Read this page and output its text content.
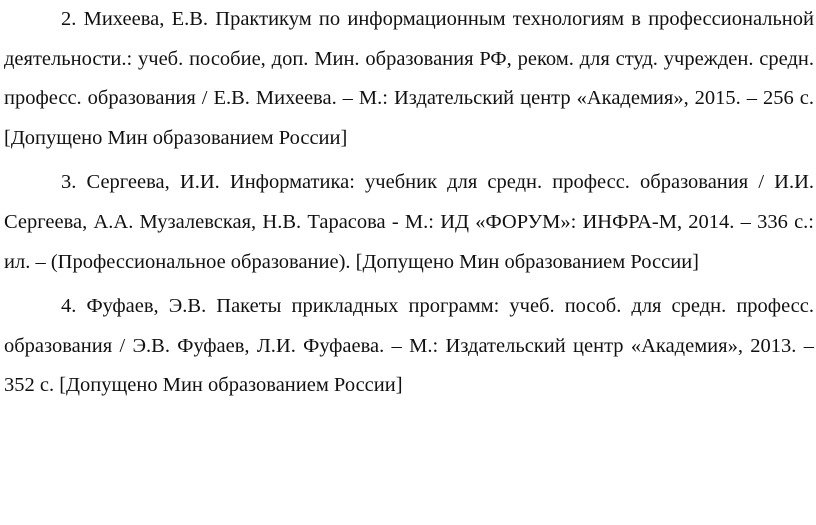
2. Михеева, Е.В. Практикум по информационным технологиям в профессиональной деятельности.: учеб. пособие, доп. Мин. образования РФ, реком. для студ. учрежден. средн. професс. образования / Е.В. Михеева. – М.: Издательский центр «Академия», 2015. – 256 с. [Допущено Мин образованием России]

3. Сергеева, И.И. Информатика: учебник для средн. професс. образования / И.И. Сергеева, А.А. Музалевская, Н.В. Тарасова - М.: ИД «ФОРУМ»: ИНФРА-М, 2014. – 336 с.: ил. – (Профессиональное образование). [Допущено Мин образованием России]

4. Фуфаев, Э.В. Пакеты прикладных программ: учеб. пособ. для средн. професс. образования / Э.В. Фуфаев, Л.И. Фуфаева. – М.: Издательский центр «Академия», 2013. – 352 с. [Допущено Мин образованием России]
